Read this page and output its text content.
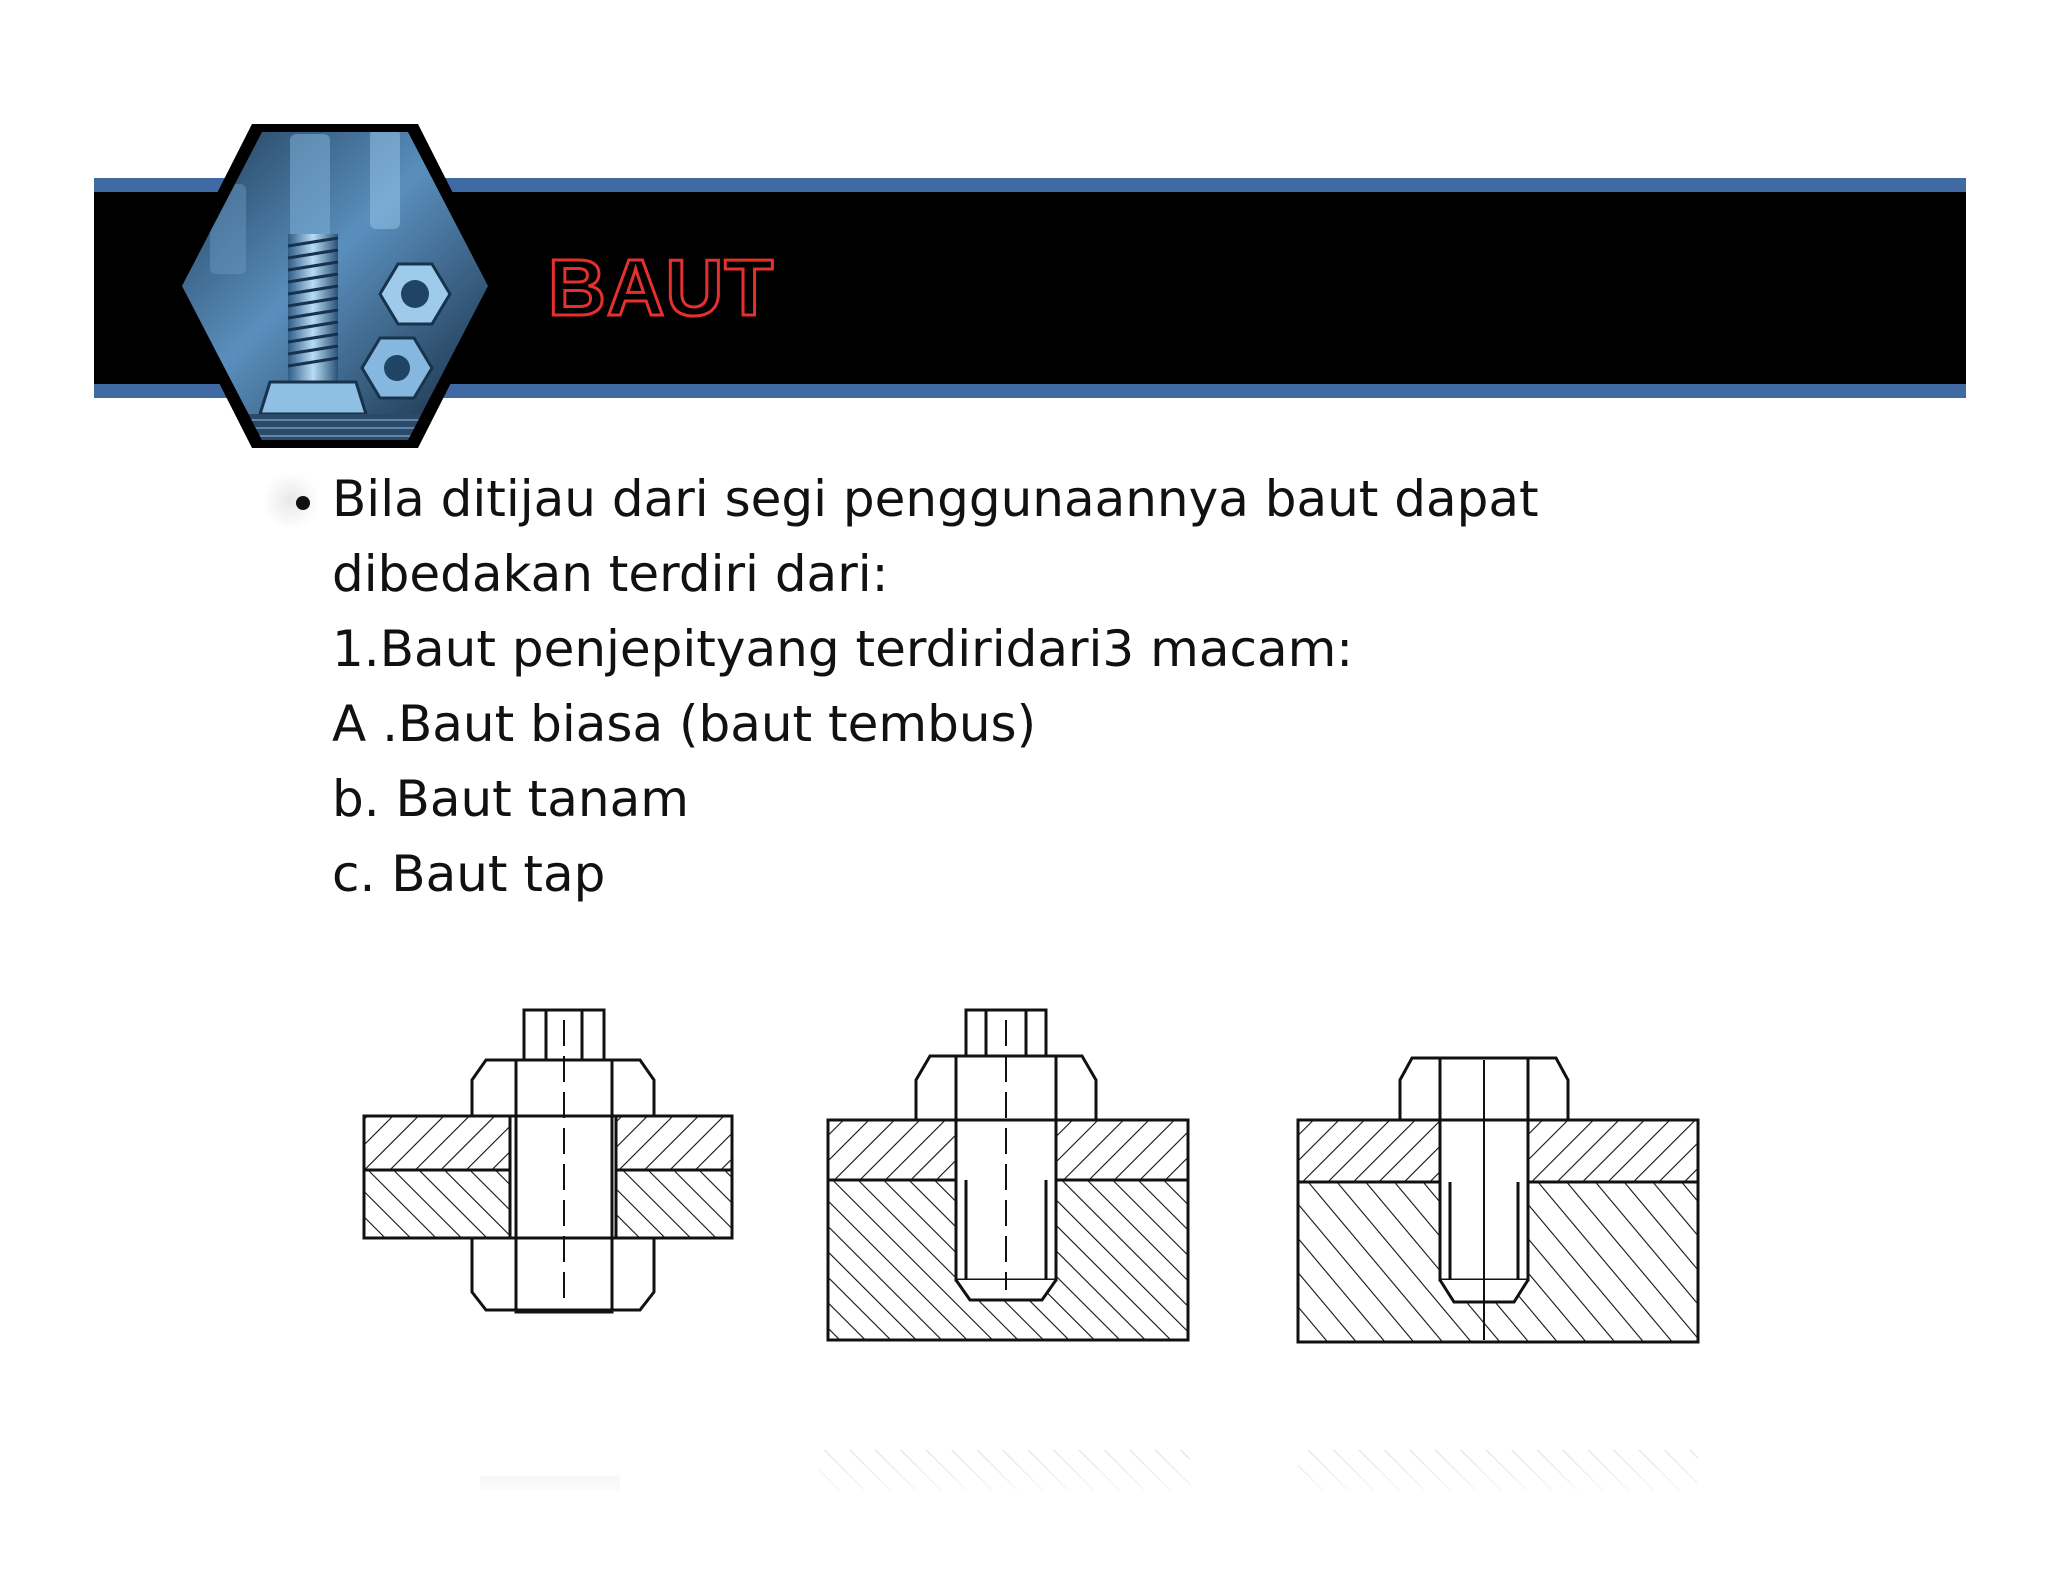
BAUT
Bila ditijau dari segi penggunaannya baut dapat
dibedakan terdiri dari:
1.Baut penjepityang terdiridari3 macam:
A .Baut biasa (baut tembus)
b. Baut tanam
c. Baut tap
